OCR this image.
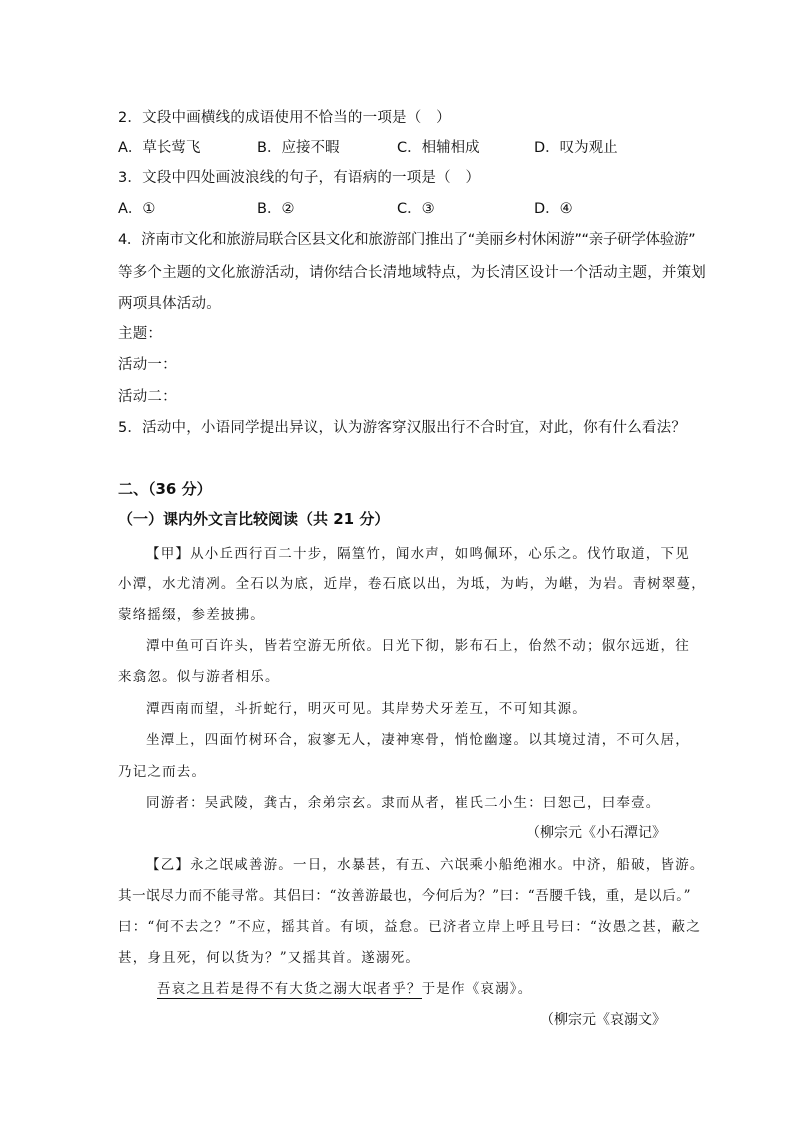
2．文段中画横线的成语使用不恰当的一项是（　）
A．草长莺飞	B．应接不暇	C．相辅相成	D．叹为观止
3．文段中四处画波浪线的句子，有语病的一项是（　）
A．①	B．②	C．③	D．④
4．济南市文化和旅游局联合区县文化和旅游部门推出了“美丽乡村休闲游”“亲子研学体验游”
等多个主题的文化旅游活动，请你结合长清地域特点，为长清区设计一个活动主题，并策划
两项具体活动。
主题：
活动一：
活动二：
5．活动中，小语同学提出异议，认为游客穿汉服出行不合时宜，对此，你有什么看法？
二、（36 分）
（一）课内外文言比较阅读（共 21 分）
【甲】从小丘西行百二十步，隔篁竹，闻水声，如鸣佩环，心乐之。伐竹取道，下见
小潭，水尤清冽。全石以为底，近岸，卷石底以出，为坻，为屿，为嵁，为岩。青树翠蔓，
蒙络摇缀，参差披拂。
潭中鱼可百许头，皆若空游无所依。日光下彻，影布石上，佁然不动；俶尔远逝，往
来翕忽。似与游者相乐。
潭西南而望，斗折蛇行，明灭可见。其岸势犬牙差互，不可知其源。
坐潭上，四面竹树环合，寂寥无人，凄神寒骨，悄怆幽邃。以其境过清，不可久居，
乃记之而去。
同游者：吴武陵，龚古，余弟宗玄。隶而从者，崔氏二小生：曰恕己，曰奉壹。
（柳宗元《小石潭记》
【乙】永之氓咸善游。一日，水暴甚，有五、六氓乘小船绝湘水。中济，船破，皆游。
其一氓尽力而不能寻常。其侣曰：“汝善游最也，今何后为？”曰：“吾腰千钱，重，是以后。”
曰：“何不去之？”不应，摇其首。有顷，益怠。已济者立岸上呼且号曰：“汝愚之甚，蔽之
甚，身且死，何以货为？”又摇其首。遂溺死。
吾哀之且若是得不有大货之溺大氓者乎？于是作《哀溺》。
（柳宗元《哀溺文》
